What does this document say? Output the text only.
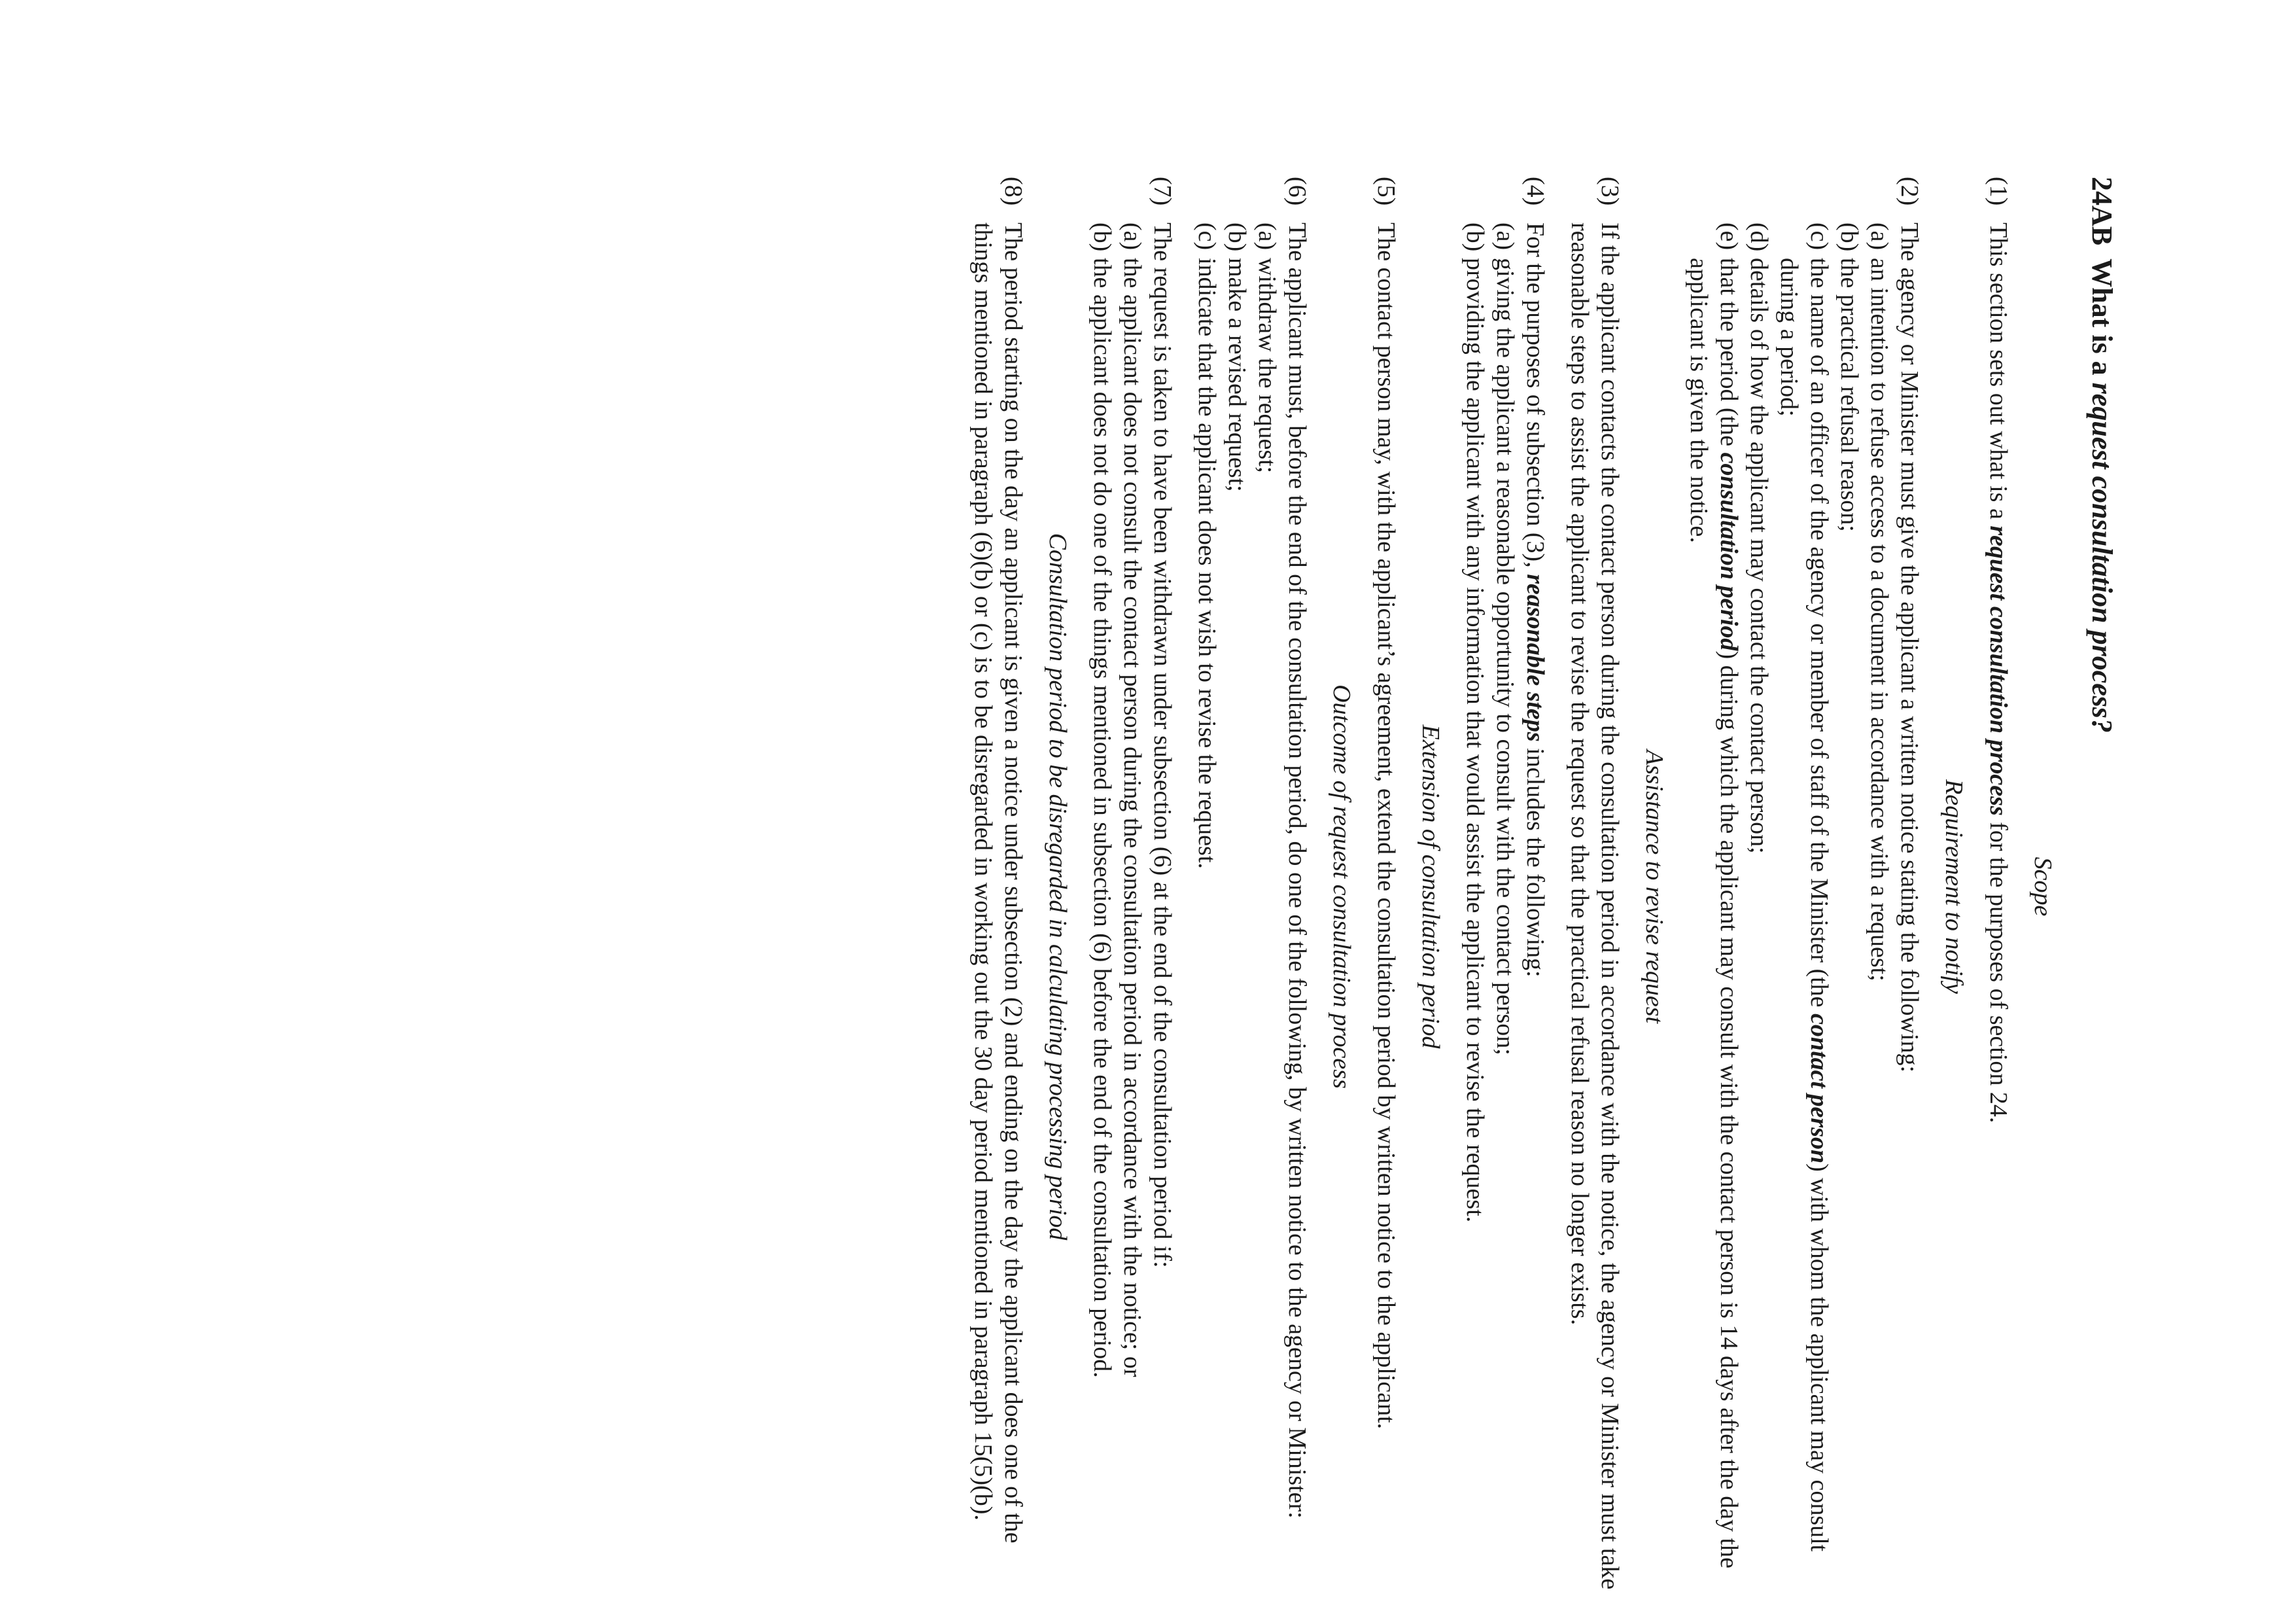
24ABWhat is a request consultation process?
Scope
(1)
This section sets out what is a request consultation process for the purposes of section 24.
Requirement to notify
(2)
The agency or Minister must give the applicant a written notice stating the following:
(a)
an intention to refuse access to a document in accordance with a request;
(b)
the practical refusal reason;
(c)
the name of an officer of the agency or member of staff of the Minister (the contact person) with whom the applicant may consult during a period;
(d)
details of how the applicant may contact the contact person;
(e)
that the period (the consultation period) during which the applicant may consult with the contact person is 14 days after the day the applicant is given the notice.
Assistance to revise request
(3)
If the applicant contacts the contact person during the consultation period in accordance with the notice, the agency or Minister must take reasonable steps to assist the applicant to revise the request so that the practical refusal reason no longer exists.
(4)
For the purposes of subsection (3), reasonable steps includes the following:
(a)
giving the applicant a reasonable opportunity to consult with the contact person;
(b)
providing the applicant with any information that would assist the applicant to revise the request.
Extension of consultation period
(5)
The contact person may, with the applicant’s agreement, extend the consultation period by written notice to the applicant.
Outcome of request consultation process
(6)
The applicant must, before the end of the consultation period, do one of the following, by written notice to the agency or Minister:
(a)
withdraw the request;
(b)
make a revised request;
(c)
indicate that the applicant does not wish to revise the request.
(7)
The request is taken to have been withdrawn under subsection (6) at the end of the consultation period if:
(a)
the applicant does not consult the contact person during the consultation period in accordance with the notice; or
(b)
the applicant does not do one of the things mentioned in subsection (6) before the end of the consultation period.
Consultation period to be disregarded in calculating processing period
(8)
The period starting on the day an applicant is given a notice under subsection (2) and ending on the day the applicant does one of the things mentioned in paragraph (6)(b) or (c) is to be disregarded in working out the 30 day period mentioned in paragraph 15(5)(b).
